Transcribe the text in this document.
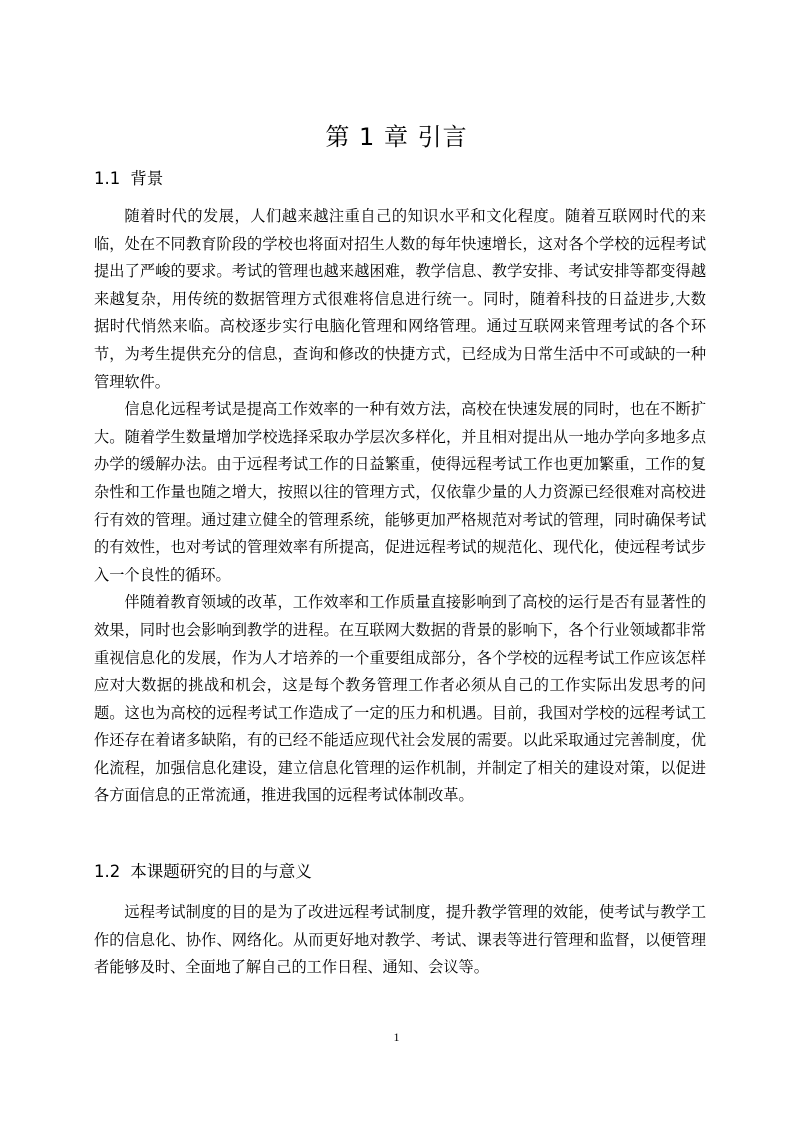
第 1 章 引言
1.1 背景

随着时代的发展，人们越来越注重自己的知识水平和文化程度。随着互联网时代的来临，处在不同教育阶段的学校也将面对招生人数的每年快速增长，这对各个学校的远程考试提出了严峻的要求。考试的管理也越来越困难，教学信息、教学安排、考试安排等都变得越来越复杂，用传统的数据管理方式很难将信息进行统一。同时，随着科技的日益进步,大数据时代悄然来临。高校逐步实行电脑化管理和网络管理。通过互联网来管理考试的各个环节，为考生提供充分的信息，查询和修改的快捷方式，已经成为日常生活中不可或缺的一种管理软件。

信息化远程考试是提高工作效率的一种有效方法，高校在快速发展的同时，也在不断扩大。随着学生数量增加学校选择采取办学层次多样化，并且相对提出从一地办学向多地多点办学的缓解办法。由于远程考试工作的日益繁重，使得远程考试工作也更加繁重，工作的复杂性和工作量也随之增大，按照以往的管理方式，仅依靠少量的人力资源已经很难对高校进行有效的管理。通过建立健全的管理系统，能够更加严格规范对考试的管理，同时确保考试的有效性，也对考试的管理效率有所提高，促进远程考试的规范化、现代化，使远程考试步入一个良性的循环。

伴随着教育领域的改革，工作效率和工作质量直接影响到了高校的运行是否有显著性的效果，同时也会影响到教学的进程。在互联网大数据的背景的影响下，各个行业领域都非常重视信息化的发展，作为人才培养的一个重要组成部分，各个学校的远程考试工作应该怎样应对大数据的挑战和机会，这是每个教务管理工作者必须从自己的工作实际出发思考的问题。这也为高校的远程考试工作造成了一定的压力和机遇。目前，我国对学校的远程考试工作还存在着诸多缺陷，有的已经不能适应现代社会发展的需要。以此采取通过完善制度，优化流程，加强信息化建设，建立信息化管理的运作机制，并制定了相关的建设对策，以促进各方面信息的正常流通，推进我国的远程考试体制改革。

1.2 本课题研究的目的与意义

远程考试制度的目的是为了改进远程考试制度，提升教学管理的效能，使考试与教学工作的信息化、协作、网络化。从而更好地对教学、考试、课表等进行管理和监督，以便管理者能够及时、全面地了解自己的工作日程、通知、会议等。

1
